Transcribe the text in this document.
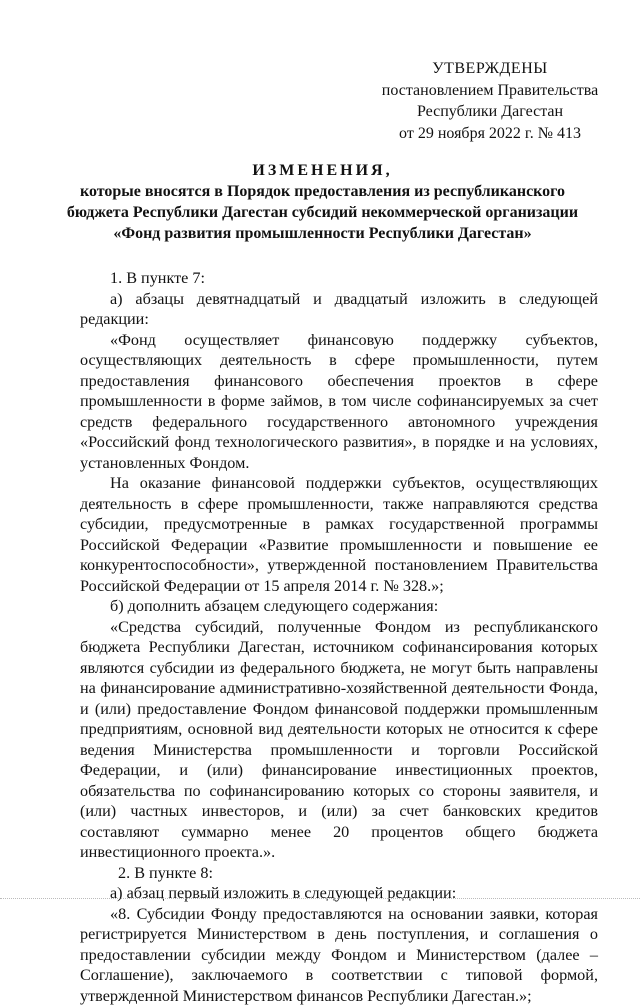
УТВЕРЖДЕНЫ
постановлением Правительства
Республики Дагестан
от 29 ноября 2022 г. № 413
ИЗМЕНЕНИЯ,
которые вносятся в Порядок предоставления из республиканского
бюджета Республики Дагестан субсидий некоммерческой организации
«Фонд развития промышленности Республики Дагестан»

1. В пункте 7:

а) абзацы девятнадцатый и двадцатый изложить в следующей редакции:

«Фонд осуществляет финансовую поддержку субъектов, осуществляющих деятельность в сфере промышленности, путем предоставления финансового обеспечения проектов в сфере промышленности в форме займов, в том числе софинансируемых за счет средств федерального государственного автономного учреждения «Российский фонд технологического развития», в порядке и на условиях, установленных Фондом.

На оказание финансовой поддержки субъектов, осуществляющих деятельность в сфере промышленности, также направляются средства субсидии, предусмотренные в рамках государственной программы Российской Федерации «Развитие промышленности и повышение ее конкурентоспособности», утвержденной постановлением Правительства Российской Федерации от 15 апреля 2014 г. № 328.»;

б) дополнить абзацем следующего содержания:

«Средства субсидий, полученные Фондом из республиканского бюджета Республики Дагестан, источником софинансирования которых являются субсидии из федерального бюджета, не могут быть направлены на финансирование административно-хозяйственной деятельности Фонда, и (или) предоставление Фондом финансовой поддержки промышленным предприятиям, основной вид деятельности которых не относится к сфере ведения Министерства промышленности и торговли Российской Федерации, и (или) финансирование инвестиционных проектов, обязательства по софинансированию которых со стороны заявителя, и (или) частных инвесторов, и (или) за счет банковских кредитов составляют суммарно менее 20 процентов общего бюджета инвестиционного проекта.».

2. В пункте 8:

а) абзац первый изложить в следующей редакции:

«8. Субсидии Фонду предоставляются на основании заявки, которая регистрируется Министерством в день поступления, и соглашения о предоставлении субсидии между Фондом и Министерством (далее – Соглашение), заключаемого в соответствии с типовой формой, утвержденной Министерством финансов Республики Дагестан.»;
